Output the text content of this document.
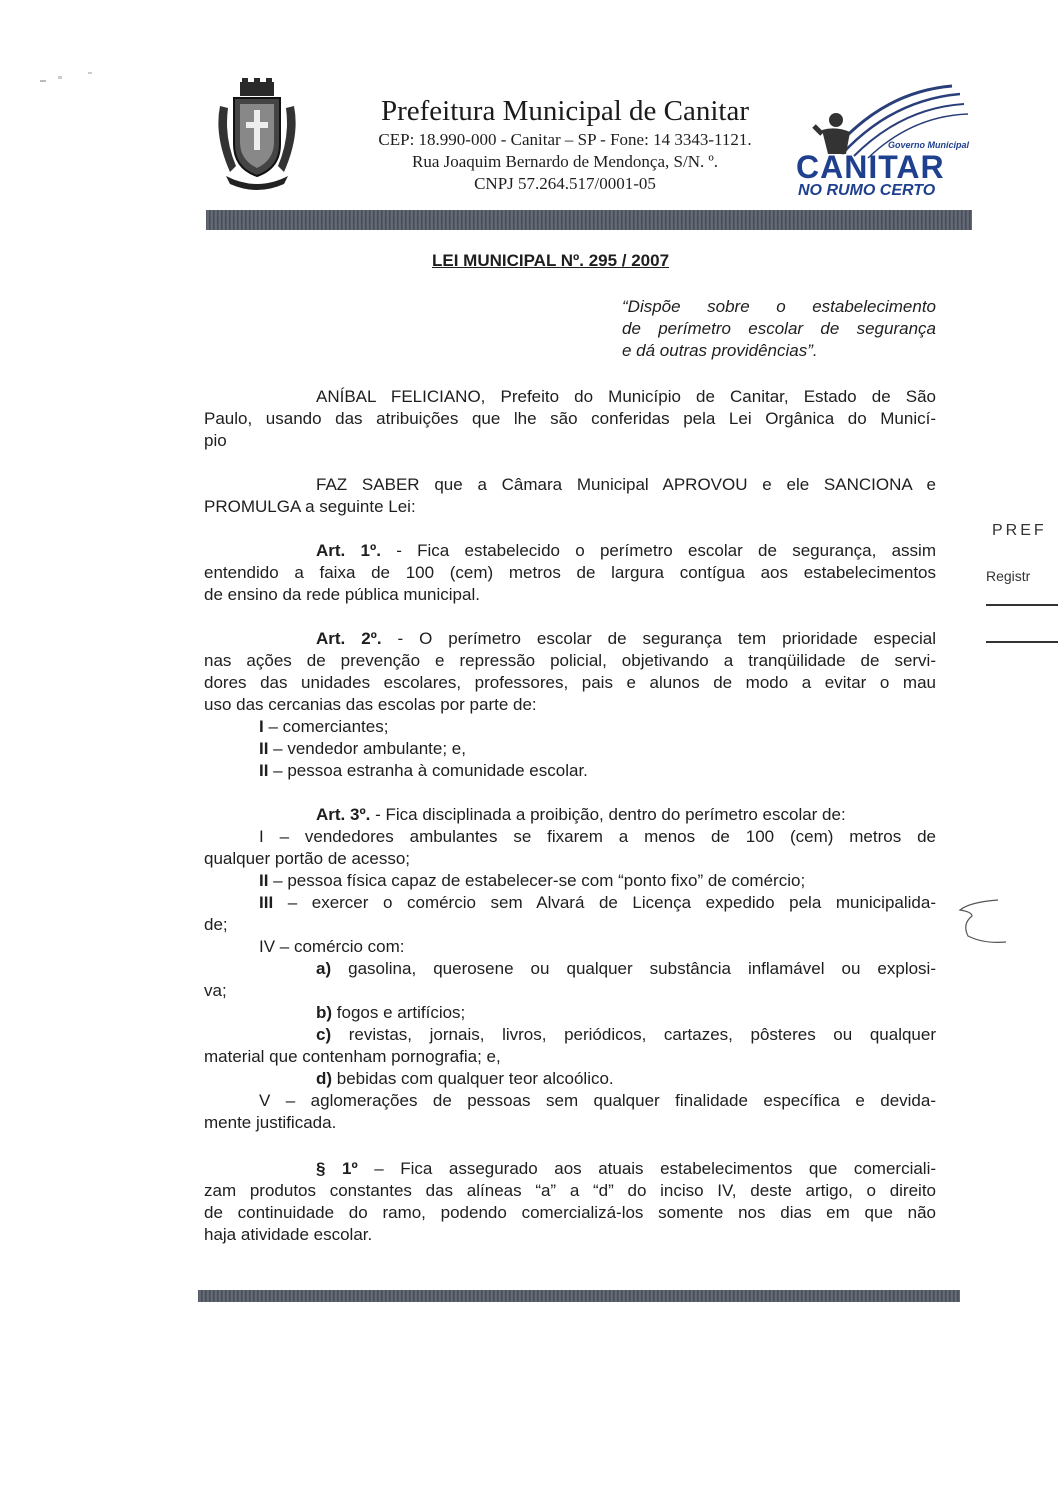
Prefeitura Municipal de Canitar
CEP: 18.990-000 - Canitar – SP - Fone: 14 3343-1121.
Rua Joaquim Bernardo de Mendonça, S/N. º.
CNPJ 57.264.517/0001-05
Governo Municipal
CANITAR
NO RUMO CERTO
LEI MUNICIPAL Nº. 295 / 2007
“Dispõe sobre o estabelecimento
de perímetro escolar de segurança
e dá outras providências”.
ANÍBAL FELICIANO, Prefeito do Município de Canitar, Estado de São
Paulo, usando das atribuições que lhe são conferidas pela Lei Orgânica do Municí-
pio
FAZ SABER que a Câmara Municipal APROVOU e ele SANCIONA e
PROMULGA a seguinte Lei:
Art. 1º. - Fica estabelecido o perímetro escolar de segurança, assim
entendido a faixa de 100 (cem) metros de largura contígua aos estabelecimentos
de ensino da rede pública municipal.
Art. 2º. - O perímetro escolar de segurança tem prioridade especial
nas ações de prevenção e repressão policial, objetivando a tranqüilidade de servi-
dores das unidades escolares, professores, pais e alunos de modo a evitar o mau
uso das cercanias das escolas por parte de:
I – comerciantes;
II – vendedor ambulante; e,
II – pessoa estranha à comunidade escolar.
Art. 3º. - Fica disciplinada a proibição, dentro do perímetro escolar de:
I – vendedores ambulantes se fixarem a menos de 100 (cem) metros de
qualquer portão de acesso;
II – pessoa física capaz de estabelecer-se com “ponto fixo” de comércio;
III – exercer o comércio sem Alvará de Licença expedido pela municipalida-
de;
IV – comércio com:
a) gasolina, querosene ou qualquer substância inflamável ou explosi-
va;
b) fogos e artifícios;
c) revistas, jornais, livros, periódicos, cartazes, pôsteres ou qualquer
material que contenham pornografia; e,
d) bebidas com qualquer teor alcoólico.
V – aglomerações de pessoas sem qualquer finalidade específica e devida-
mente justificada.
§ 1º – Fica assegurado aos atuais estabelecimentos que comerciali-
zam produtos constantes das alíneas “a” a “d” do inciso IV, deste artigo, o direito
de continuidade do ramo, podendo comercializá-los somente nos dias em que não
haja atividade escolar.
PREF
Registr
